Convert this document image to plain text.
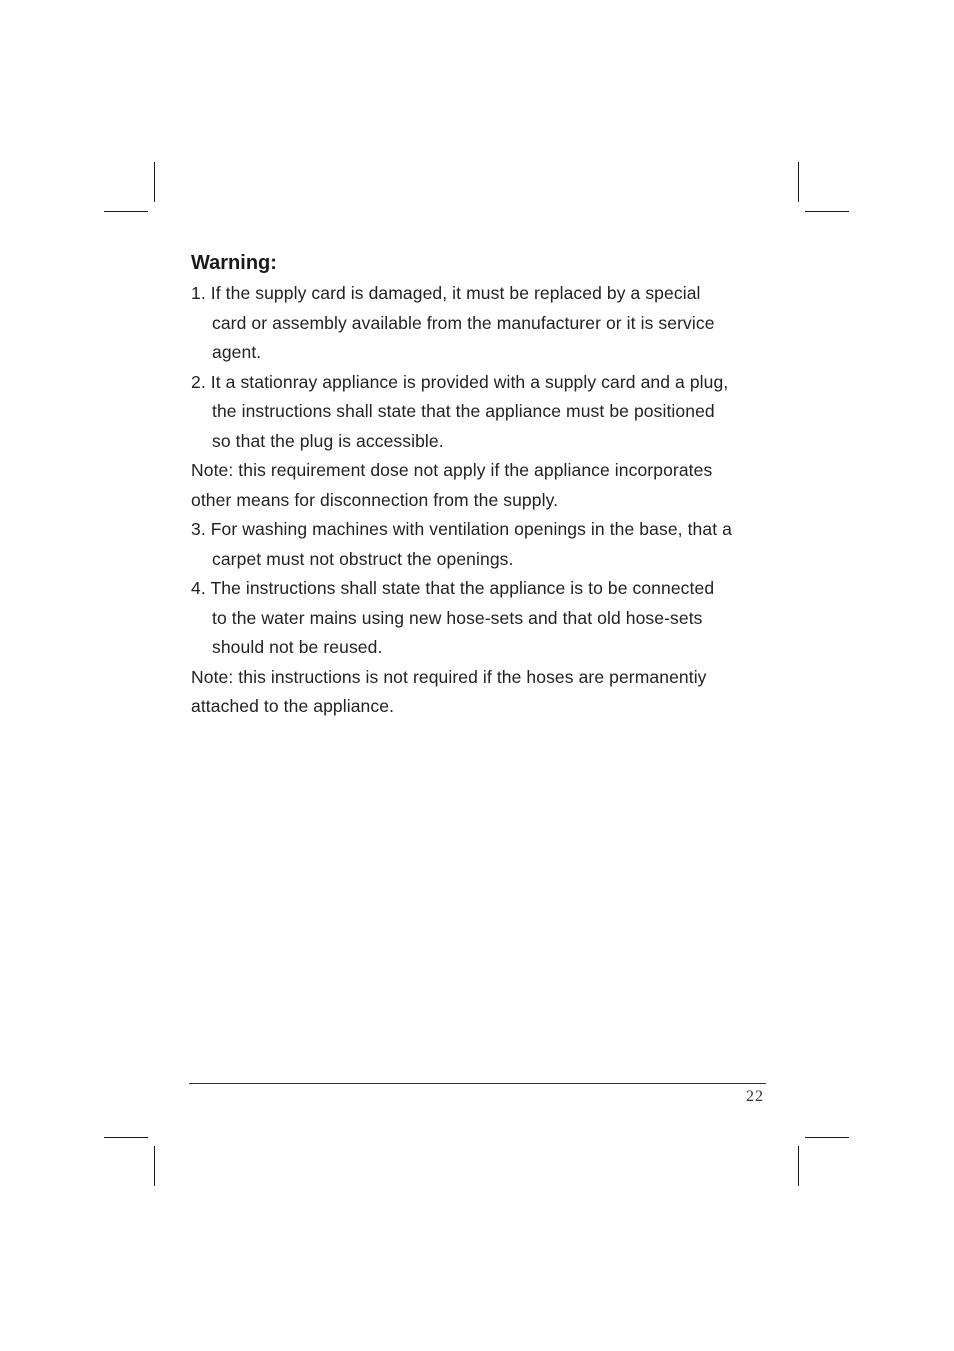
Warning:
1. If the supply card is damaged, it must be replaced by a special
card or assembly available from the manufacturer or it is service
agent.
2. It a stationray appliance is provided with a supply card and a plug,
the instructions shall state that the appliance must be positioned
so that the plug is accessible.
Note: this requirement dose not apply if the appliance incorporates
other means for disconnection from the supply.
3. For washing machines with ventilation openings in the base, that a
carpet must not obstruct the openings.
4. The instructions shall state that the appliance is to be connected
to the water mains using new hose-sets and that old hose-sets
should not be reused.
Note: this instructions is not required if the hoses are permanentiy
attached to the appliance.
22
